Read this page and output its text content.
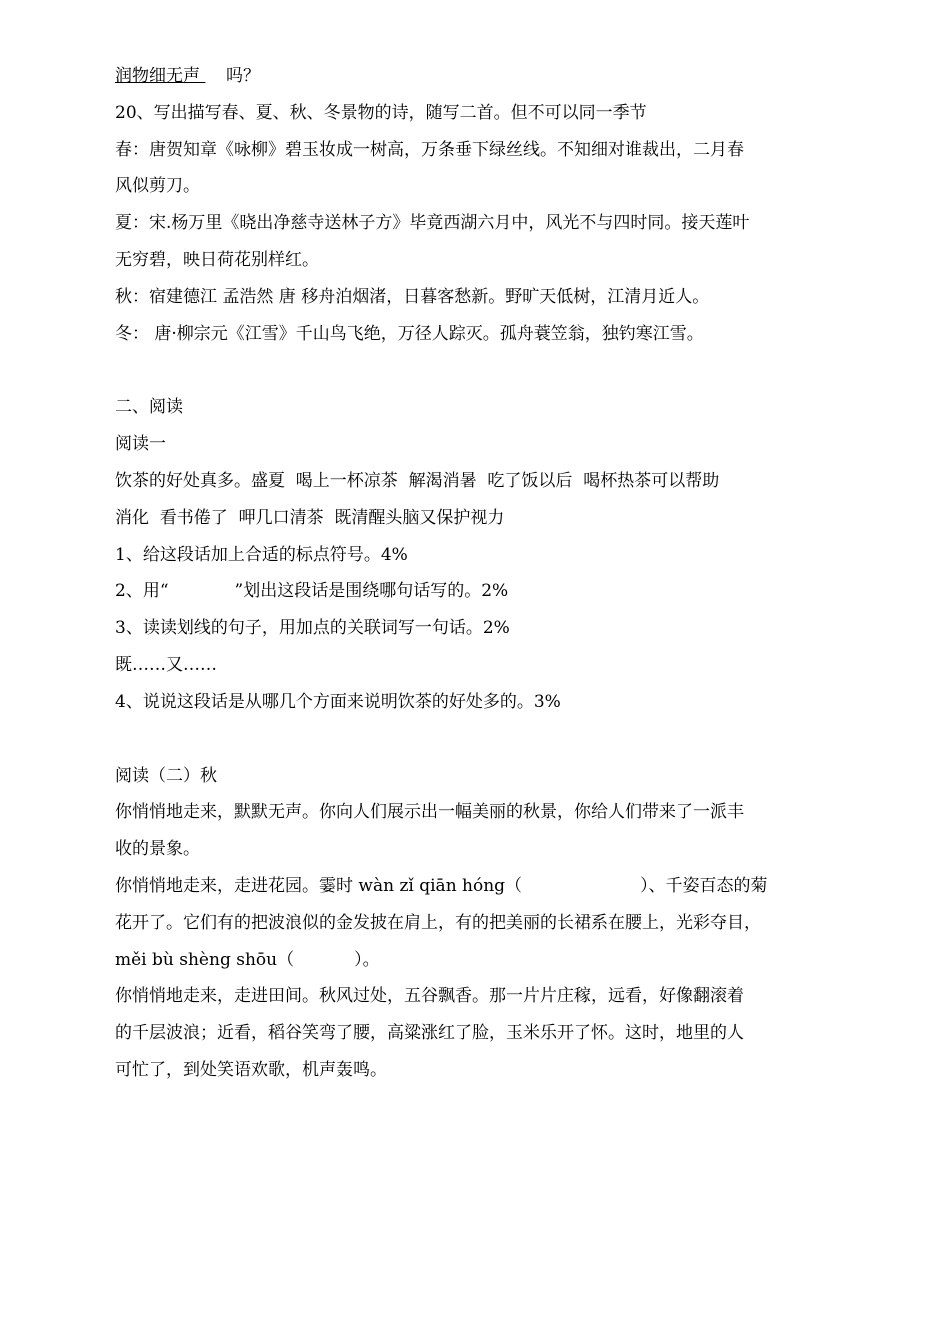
润物细无声 吗？
20、写出描写春、夏、秋、冬景物的诗，随写二首。但不可以同一季节
春：唐贺知章《咏柳》碧玉妆成一树高，万条垂下绿丝线。不知细对谁裁出，二月春
风似剪刀。
夏：宋.杨万里《晓出净慈寺送林子方》毕竟西湖六月中，风光不与四时同。接天莲叶
无穷碧，映日荷花别样红。
秋：宿建德江 孟浩然 唐 移舟泊烟渚，日暮客愁新。野旷天低树，江清月近人。
冬： 唐·柳宗元《江雪》千山鸟飞绝，万径人踪灭。孤舟蓑笠翁，独钓寒江雪。
二、阅读
阅读一
饮茶的好处真多。盛夏  喝上一杯凉茶  解渴消暑  吃了饭以后  喝杯热茶可以帮助
消化  看书倦了  呷几口清茶  既清醒头脑又保护视力
1、给这段话加上合适的标点符号。4%
2、用“	”划出这段话是围绕哪句话写的。2%
3、读读划线的句子，用加点的关联词写一句话。2%
既……又……
4、说说这段话是从哪几个方面来说明饮茶的好处多的。3%
阅读（二）秋
你悄悄地走来，默默无声。你向人们展示出一幅美丽的秋景，你给人们带来了一派丰
收的景象。
你悄悄地走来，走进花园。霎时 wàn zǐ qiān hóng（	）、千姿百态的菊
花开了。它们有的把波浪似的金发披在肩上，有的把美丽的长裙系在腰上，光彩夺目，
měi bù shèng shōu（	）。
你悄悄地走来，走进田间。秋风过处，五谷飘香。那一片片庄稼，远看，好像翻滚着
的千层波浪；近看，稻谷笑弯了腰，高粱涨红了脸，玉米乐开了怀。这时，地里的人
可忙了，到处笑语欢歌，机声轰鸣。
